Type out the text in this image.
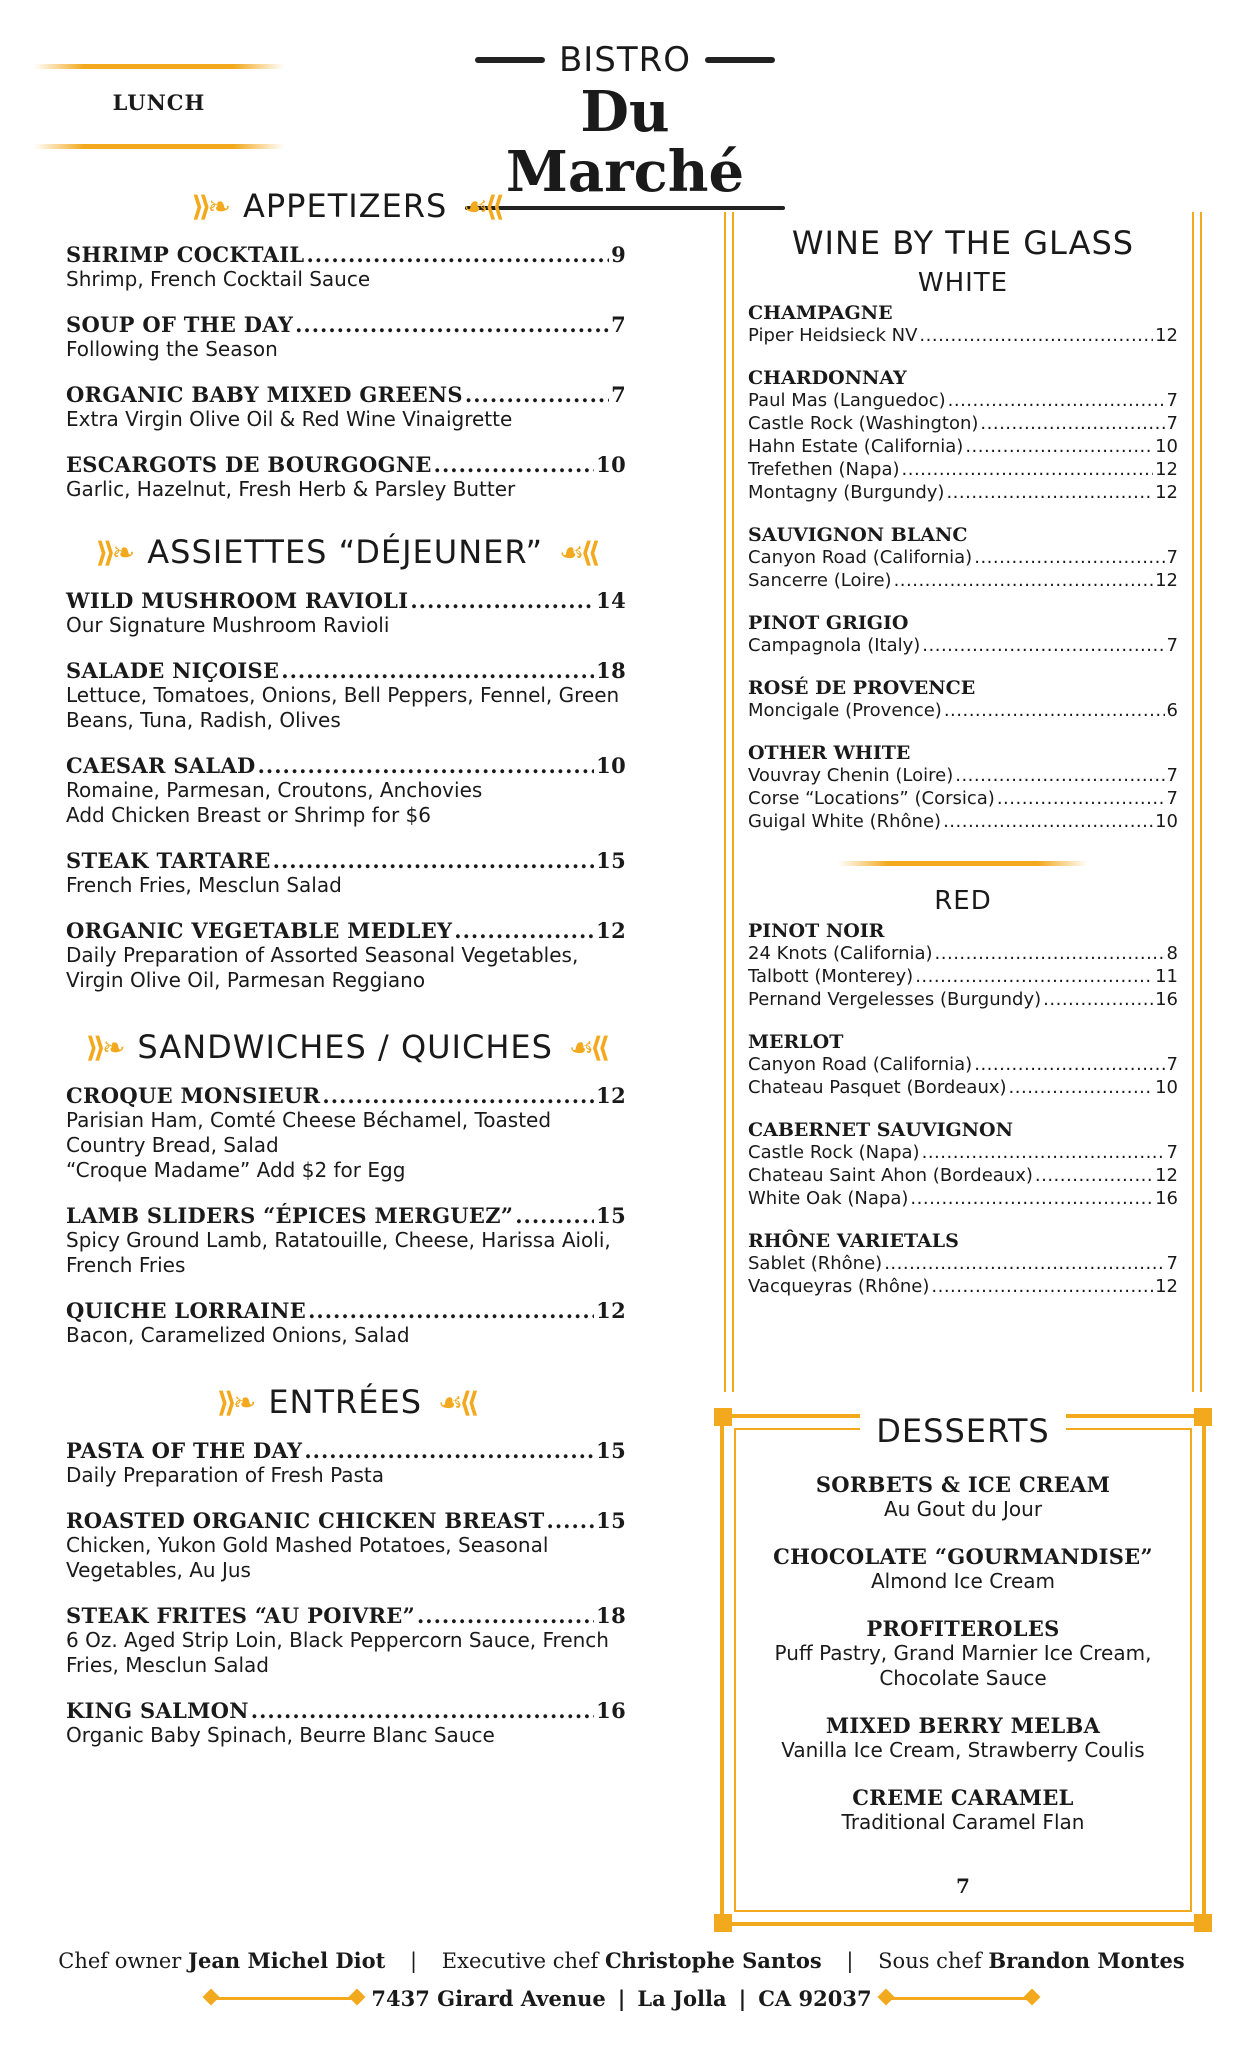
LUNCH
BISTRO
Du Marché
⟫❧ APPETIZERS ☙⟪
SHRIMP COCKTAIL .....	9
Shrimp, French Cocktail Sauce
SOUP OF THE DAY .....	7
Following the Season
ORGANIC BABY MIXED GREENS .....	7
Extra Virgin Olive Oil & Red Wine Vinaigrette
ESCARGOTS DE BOURGOGNE .....	10
Garlic, Hazelnut, Fresh Herb & Parsley Butter
⟫❧ ASSIETTES “DÉJEUNER” ☙⟪
WILD MUSHROOM RAVIOLI .....	14
Our Signature Mushroom Ravioli
SALADE NIÇOISE .....	18
Lettuce, Tomatoes, Onions, Bell Peppers, Fennel, Green
Beans, Tuna, Radish, Olives
CAESAR SALAD .....	10
Romaine, Parmesan, Croutons, Anchovies
Add Chicken Breast or Shrimp for $6
STEAK TARTARE .....	15
French Fries, Mesclun Salad
ORGANIC VEGETABLE MEDLEY .....	12
Daily Preparation of Assorted Seasonal Vegetables,
Virgin Olive Oil, Parmesan Reggiano
⟫❧ SANDWICHES / QUICHES ☙⟪
CROQUE MONSIEUR .....	12
Parisian Ham, Comté Cheese Béchamel, Toasted
Country Bread, Salad
“Croque Madame” Add $2 for Egg
LAMB SLIDERS “ÉPICES MERGUEZ” .....	15
Spicy Ground Lamb, Ratatouille, Cheese, Harissa Aioli,
French Fries
QUICHE LORRAINE .....	12
Bacon, Caramelized Onions, Salad
⟫❧ ENTRÉES ☙⟪
PASTA OF THE DAY .....	15
Daily Preparation of Fresh Pasta
ROASTED ORGANIC CHICKEN BREAST ..... 15
Chicken, Yukon Gold Mashed Potatoes, Seasonal
Vegetables, Au Jus
STEAK FRITES “AU POIVRE” .....	18
6 Oz. Aged Strip Loin, Black Peppercorn Sauce, French
Fries, Mesclun Salad
KING SALMON .....	16
Organic Baby Spinach, Beurre Blanc Sauce
WINE BY THE GLASS
WHITE
CHAMPAGNE
Piper Heidsieck NV .....	12
CHARDONNAY
Paul Mas (Languedoc) .....	7
Castle Rock (Washington) .....	7
Hahn Estate (California) .....	10
Trefethen (Napa) .....	12
Montagny (Burgundy) .....	12
SAUVIGNON BLANC
Canyon Road (California) .....	7
Sancerre (Loire) .....	12
PINOT GRIGIO
Campagnola (Italy) .....	7
ROSÉ DE PROVENCE
Moncigale (Provence) .....	6
OTHER WHITE
Vouvray Chenin (Loire) .....	7
Corse “Locations” (Corsica) .....	7
Guigal White (Rhône) .....	10
RED
PINOT NOIR
24 Knots (California) .....	8
Talbott (Monterey) .....	11
Pernand Vergelesses (Burgundy) .....	16
MERLOT
Canyon Road (California) .....	7
Chateau Pasquet (Bordeaux) .....	10
CABERNET SAUVIGNON
Castle Rock (Napa) .....	7
Chateau Saint Ahon (Bordeaux) .....	12
White Oak (Napa) .....	16
RHÔNE VARIETALS
Sablet (Rhône) .....	7
Vacqueyras (Rhône) .....	12
DESSERTS
SORBETS & ICE CREAM
Au Gout du Jour
CHOCOLATE “GOURMANDISE”
Almond Ice Cream
PROFITEROLES
Puff Pastry, Grand Marnier Ice Cream,
Chocolate Sauce
MIXED BERRY MELBA
Vanilla Ice Cream, Strawberry Coulis
CREME CARAMEL
Traditional Caramel Flan
7
Chef owner Jean Michel Diot | Executive chef Christophe Santos | Sous chef Brandon Montes
7437 Girard Avenue | La Jolla | CA 92037
